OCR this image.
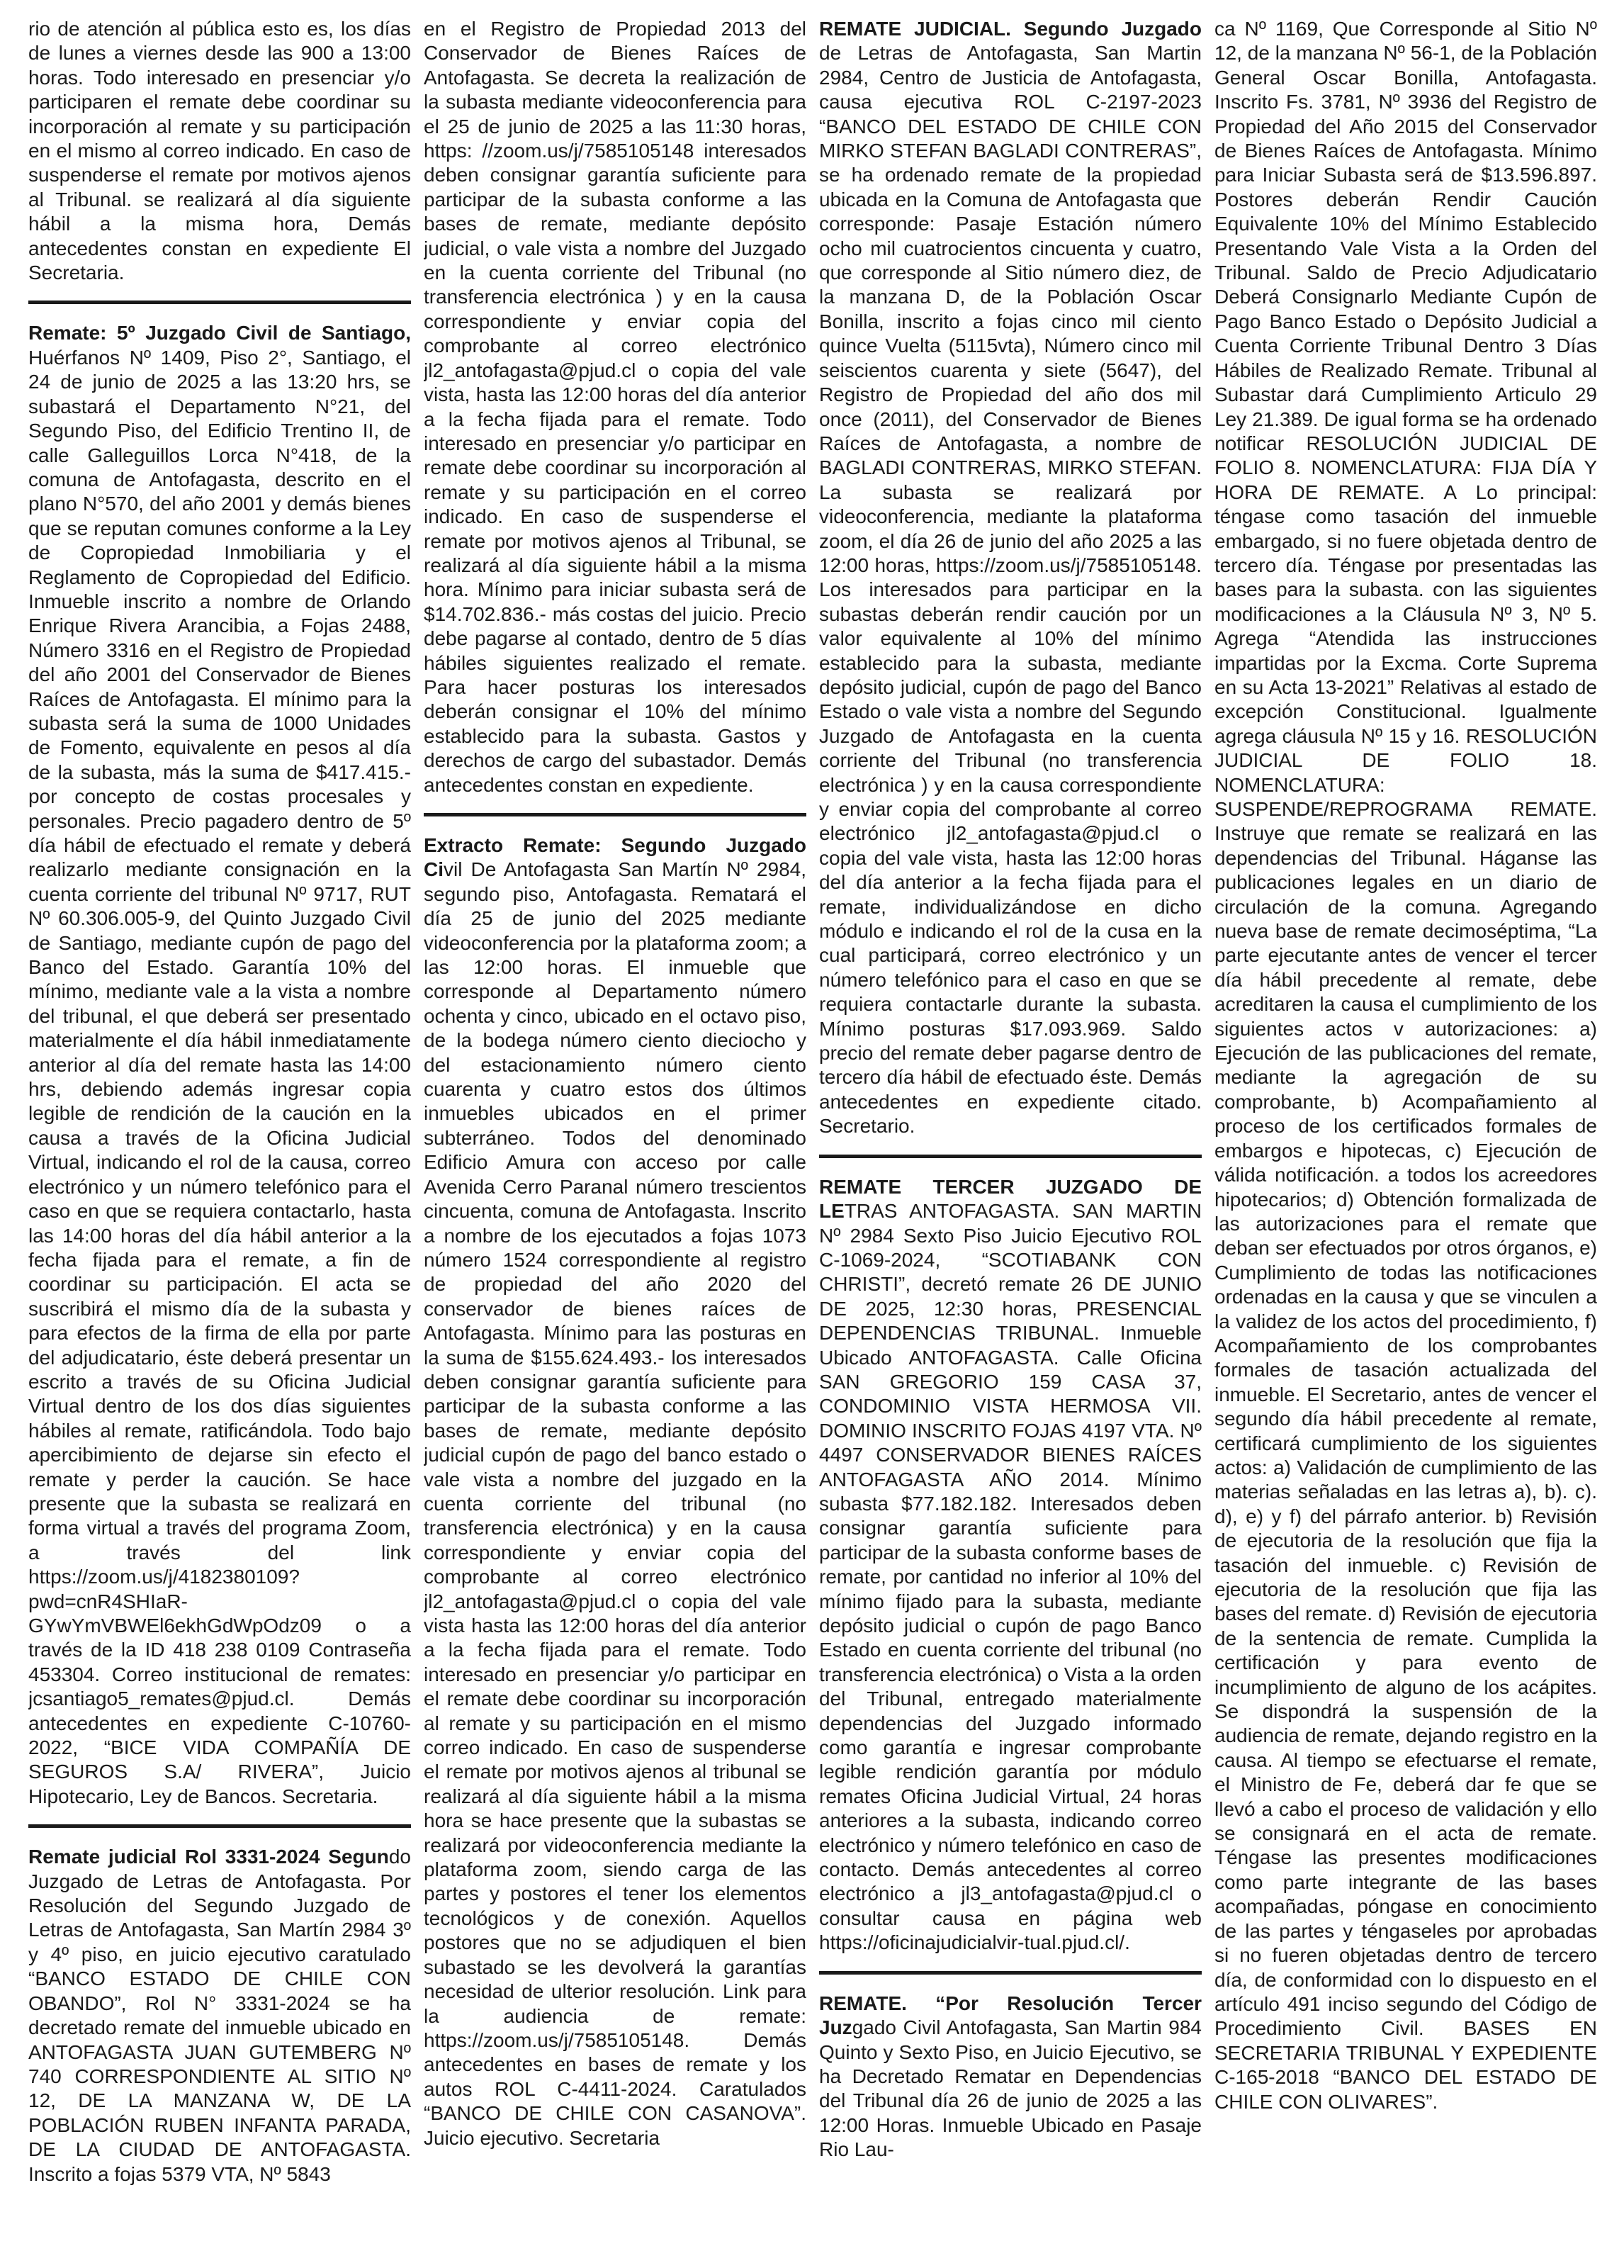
rio de atención al pública esto es, los días de lunes a viernes desde las 900 a 13:00 horas. Todo interesado en presenciar y/o participaren el remate debe coordinar su incorporación al remate y su participación en el mismo al correo indicado. En caso de suspenderse el remate por motivos ajenos al Tribunal. se realizará al día siguiente hábil a la misma hora, Demás antecedentes constan en expediente El Secretaria.

Remate: 5º Juzgado Civil de Santiago, Huérfanos Nº 1409, Piso 2°, Santiago, el 24 de junio de 2025 a las 13:20 hrs, se subastará el Departamento N°21, del Segundo Piso, del Edificio Trentino II, de calle Galleguillos Lorca N°418, de la comuna de Antofagasta, descrito en el plano N°570, del año 2001 y demás bienes que se reputan comunes conforme a la Ley de Copropiedad Inmobiliaria y el Reglamento de Copropiedad del Edificio. Inmueble inscrito a nombre de Orlando Enrique Rivera Arancibia, a Fojas 2488, Número 3316 en el Registro de Propiedad del año 2001 del Conservador de Bienes Raíces de Antofagasta. El mínimo para la subasta será la suma de 1000 Unidades de Fomento, equivalente en pesos al día de la subasta, más la suma de $417.415.- por concepto de costas procesales y personales. Precio pagadero dentro de 5º día hábil de efectuado el remate y deberá realizarlo mediante consignación en la cuenta corriente del tribunal Nº 9717, RUT Nº 60.306.005-9, del Quinto Juzgado Civil de Santiago, mediante cupón de pago del Banco del Estado. Garantía 10% del mínimo, mediante vale a la vista a nombre del tribunal, el que deberá ser presentado materialmente el día hábil inmediatamente anterior al día del remate hasta las 14:00 hrs, debiendo además ingresar copia legible de rendición de la caución en la causa a través de la Oficina Judicial Virtual, indicando el rol de la causa, correo electrónico y un número telefónico para el caso en que se requiera contactarlo, hasta las 14:00 horas del día hábil anterior a la fecha fijada para el remate, a fin de coordinar su participación. El acta se suscribirá el mismo día de la subasta y para efectos de la firma de ella por parte del adjudicatario, éste deberá presentar un escrito a través de su Oficina Judicial Virtual dentro de los dos días siguientes hábiles al remate, ratificándola. Todo bajo apercibimiento de dejarse sin efecto el remate y perder la caución. Se hace presente que la subasta se realizará en forma virtual a través del programa Zoom, a través del link https://zoom.us/j/4182380109?pwd=cnR4SHIaR-GYwYmVBWEl6ekhGdWpOdz09 o a través de la ID 418 238 0109 Contraseña 453304. Correo institucional de remates: jcsantiago5_remates@pjud.cl. Demás antecedentes en expediente C-10760-2022, “BICE VIDA COMPAÑÍA DE SEGUROS S.A/ RIVERA”, Juicio Hipotecario, Ley de Bancos. Secretaria.

Remate judicial Rol 3331-2024 Segundo Juzgado de Letras de Antofagasta. Por Resolución del Segundo Juzgado de Letras de Antofagasta, San Martín 2984 3º y 4º piso, en juicio ejecutivo caratulado “BANCO ESTADO DE CHILE CON OBANDO”, Rol N° 3331-2024 se ha decretado remate del inmueble ubicado en ANTOFAGASTA JUAN GUTEMBERG Nº 740 CORRESPONDIENTE AL SITIO Nº 12, DE LA MANZANA W, DE LA POBLACIÓN RUBEN INFANTA PARADA, DE LA CIUDAD DE ANTOFAGASTA. Inscrito a fojas 5379 VTA, Nº 5843

en el Registro de Propiedad 2013 del Conservador de Bienes Raíces de Antofagasta. Se decreta la realización de la subasta mediante videoconferencia para el 25 de junio de 2025 a las 11:30 horas, https: //zoom.us/j/7585105148 interesados deben consignar garantía suficiente para participar de la subasta conforme a las bases de remate, mediante depósito judicial, o vale vista a nombre del Juzgado en la cuenta corriente del Tribunal (no transferencia electrónica ) y en la causa correspondiente y enviar copia del comprobante al correo electrónico jl2_antofagasta@pjud.cl o copia del vale vista, hasta las 12:00 horas del día anterior a la fecha fijada para el remate. Todo interesado en presenciar y/o participar en remate debe coordinar su incorporación al remate y su participación en el correo indicado. En caso de suspenderse el remate por motivos ajenos al Tribunal, se realizará al día siguiente hábil a la misma hora. Mínimo para iniciar subasta será de $14.702.836.- más costas del juicio. Precio debe pagarse al contado, dentro de 5 días hábiles siguientes realizado el remate. Para hacer posturas los interesados deberán consignar el 10% del mínimo establecido para la subasta. Gastos y derechos de cargo del subastador. Demás antecedentes constan en expediente.

Extracto Remate: Segundo Juzgado Civil De Antofagasta San Martín Nº 2984, segundo piso, Antofagasta. Rematará el día 25 de junio del 2025 mediante videoconferencia por la plataforma zoom; a las 12:00 horas. El inmueble que corresponde al Departamento número ochenta y cinco, ubicado en el octavo piso, de la bodega número ciento dieciocho y del estacionamiento número ciento cuarenta y cuatro estos dos últimos inmuebles ubicados en el primer subterráneo. Todos del denominado Edificio Amura con acceso por calle Avenida Cerro Paranal número trescientos cincuenta, comuna de Antofagasta. Inscrito a nombre de los ejecutados a fojas 1073 número 1524 correspondiente al registro de propiedad del año 2020 del conservador de bienes raíces de Antofagasta. Mínimo para las posturas en la suma de $155.624.493.- los interesados deben consignar garantía suficiente para participar de la subasta conforme a las bases de remate, mediante depósito judicial cupón de pago del banco estado o vale vista a nombre del juzgado en la cuenta corriente del tribunal (no transferencia electrónica) y en la causa correspondiente y enviar copia del comprobante al correo electrónico jl2_antofagasta@pjud.cl o copia del vale vista hasta las 12:00 horas del día anterior a la fecha fijada para el remate. Todo interesado en presenciar y/o participar en el remate debe coordinar su incorporación al remate y su participación en el mismo correo indicado. En caso de suspenderse el remate por motivos ajenos al tribunal se realizará al día siguiente hábil a la misma hora se hace presente que la subastas se realizará por videoconferencia mediante la plataforma zoom, siendo carga de las partes y postores el tener los elementos tecnológicos y de conexión. Aquellos postores que no se adjudiquen el bien subastado se les devolverá la garantías necesidad de ulterior resolución. Link para la audiencia de remate: https://zoom.us/j/7585105148. Demás antecedentes en bases de remate y los autos ROL C-4411-2024. Caratulados “BANCO DE CHILE CON CASANOVA”. Juicio ejecutivo. Secretaria

REMATE JUDICIAL. Segundo Juzgado de Letras de Antofagasta, San Martin 2984, Centro de Justicia de Antofagasta, causa ejecutiva ROL C-2197-2023 “BANCO DEL ESTADO DE CHILE CON MIRKO STEFAN BAGLADI CONTRERAS”, se ha ordenado remate de la propiedad ubicada en la Comuna de Antofagasta que corresponde: Pasaje Estación número ocho mil cuatrocientos cincuenta y cuatro, que corresponde al Sitio número diez, de la manzana D, de la Población Oscar Bonilla, inscrito a fojas cinco mil ciento quince Vuelta (5115vta), Número cinco mil seiscientos cuarenta y siete (5647), del Registro de Propiedad del año dos mil once (2011), del Conservador de Bienes Raíces de Antofagasta, a nombre de BAGLADI CONTRERAS, MIRKO STEFAN. La subasta se realizará por videoconferencia, mediante la plataforma zoom, el día 26 de junio del año 2025 a las 12:00 horas, https://zoom.us/j/7585105148. Los interesados para participar en la subastas deberán rendir caución por un valor equivalente al 10% del mínimo establecido para la subasta, mediante depósito judicial, cupón de pago del Banco Estado o vale vista a nombre del Segundo Juzgado de Antofagasta en la cuenta corriente del Tribunal (no transferencia electrónica ) y en la causa correspondiente y enviar copia del comprobante al correo electrónico jl2_antofagasta@pjud.cl o copia del vale vista, hasta las 12:00 horas del día anterior a la fecha fijada para el remate, individualizándose en dicho módulo e indicando el rol de la cusa en la cual participará, correo electrónico y un número telefónico para el caso en que se requiera contactarle durante la subasta. Mínimo posturas $17.093.969. Saldo precio del remate deber pagarse dentro de tercero día hábil de efectuado éste. Demás antecedentes en expediente citado. Secretario.

REMATE TERCER JUZGADO DE LETRAS ANTOFAGASTA. SAN MARTIN Nº 2984 Sexto Piso Juicio Ejecutivo ROL C-1069-2024, “SCOTIABANK CON CHRISTI”, decretó remate 26 DE JUNIO DE 2025, 12:30 horas, PRESENCIAL DEPENDENCIAS TRIBUNAL. Inmueble Ubicado ANTOFAGASTA. Calle Oficina SAN GREGORIO 159 CASA 37, CONDOMINIO VISTA HERMOSA VII. DOMINIO INSCRITO FOJAS 4197 VTA. Nº 4497 CONSERVADOR BIENES RAÍCES ANTOFAGASTA AÑO 2014. Mínimo subasta $77.182.182. Interesados deben consignar garantía suficiente para participar de la subasta conforme bases de remate, por cantidad no inferior al 10% del mínimo fijado para la subasta, mediante depósito judicial o cupón de pago Banco Estado en cuenta corriente del tribunal (no transferencia electrónica) o Vista a la orden del Tribunal, entregado materialmente dependencias del Juzgado informado como garantía e ingresar comprobante legible rendición garantía por módulo remates Oficina Judicial Virtual, 24 horas anteriores a la subasta, indicando correo electrónico y número telefónico en caso de contacto. Demás antecedentes al correo electrónico a jl3_antofagasta@pjud.cl o consultar causa en página web https://oficinajudicialvir-tual.pjud.cl/.

REMATE. “Por Resolución Tercer Juzgado Civil Antofagasta, San Martin 984 Quinto y Sexto Piso, en Juicio Ejecutivo, se ha Decretado Rematar en Dependencias del Tribunal día 26 de junio de 2025 a las 12:00 Horas. Inmueble Ubicado en Pasaje Rio Lau-

ca Nº 1169, Que Corresponde al Sitio Nº 12, de la manzana Nº 56-1, de la Población General Oscar Bonilla, Antofagasta. Inscrito Fs. 3781, Nº 3936 del Registro de Propiedad del Año 2015 del Conservador de Bienes Raíces de Antofagasta. Mínimo para Iniciar Subasta será de $13.596.897. Postores deberán Rendir Caución Equivalente 10% del Mínimo Establecido Presentando Vale Vista a la Orden del Tribunal. Saldo de Precio Adjudicatario Deberá Consignarlo Mediante Cupón de Pago Banco Estado o Depósito Judicial a Cuenta Corriente Tribunal Dentro 3 Días Hábiles de Realizado Remate. Tribunal al Subastar dará Cumplimiento Articulo 29 Ley 21.389. De igual forma se ha ordenado notificar RESOLUCIÓN JUDICIAL DE FOLIO 8. NOMENCLATURA: FIJA DÍA Y HORA DE REMATE. A Lo principal: téngase como tasación del inmueble embargado, si no fuere objetada dentro de tercero día. Téngase por presentadas las bases para la subasta. con las siguientes modificaciones a la Cláusula Nº 3, Nº 5. Agrega “Atendida las instrucciones impartidas por la Excma. Corte Suprema en su Acta 13-2021” Relativas al estado de excepción Constitucional. Igualmente agrega cláusula Nº 15 y 16. RESOLUCIÓN JUDICIAL DE FOLIO 18. NOMENCLATURA: SUSPENDE/REPROGRAMA REMATE. Instruye que remate se realizará en las dependencias del Tribunal. Háganse las publicaciones legales en un diario de circulación de la comuna. Agregando nueva base de remate decimoséptima, “La parte ejecutante antes de vencer el tercer día hábil precedente al remate, debe acreditaren la causa el cumplimiento de los siguientes actos v autorizaciones: a) Ejecución de las publicaciones del remate, mediante la agregación de su comprobante, b) Acompañamiento al proceso de los certificados formales de embargos e hipotecas, c) Ejecución de válida notificación. a todos los acreedores hipotecarios; d) Obtención formalizada de las autorizaciones para el remate que deban ser efectuados por otros órganos, e) Cumplimiento de todas las notificaciones ordenadas en la causa y que se vinculen a la validez de los actos del procedimiento, f) Acompañamiento de los comprobantes formales de tasación actualizada del inmueble. El Secretario, antes de vencer el segundo día hábil precedente al remate, certificará cumplimiento de los siguientes actos: a) Validación de cumplimiento de las materias señaladas en las letras a), b). c). d), e) y f) del párrafo anterior. b) Revisión de ejecutoria de la resolución que fija la tasación del inmueble. c) Revisión de ejecutoria de la resolución que fija las bases del remate. d) Revisión de ejecutoria de la sentencia de remate. Cumplida la certificación y para evento de incumplimiento de alguno de los acápites. Se dispondrá la suspensión de la audiencia de remate, dejando registro en la causa. Al tiempo se efectuarse el remate, el Ministro de Fe, deberá dar fe que se llevó a cabo el proceso de validación y ello se consignará en el acta de remate. Téngase las presentes modificaciones como parte integrante de las bases acompañadas, póngase en conocimiento de las partes y téngaseles por aprobadas si no fueren objetadas dentro de tercero día, de conformidad con lo dispuesto en el artículo 491 inciso segundo del Código de Procedimiento Civil. BASES EN SECRETARIA TRIBUNAL Y EXPEDIENTE C-165-2018 “BANCO DEL ESTADO DE CHILE CON OLIVARES”.
